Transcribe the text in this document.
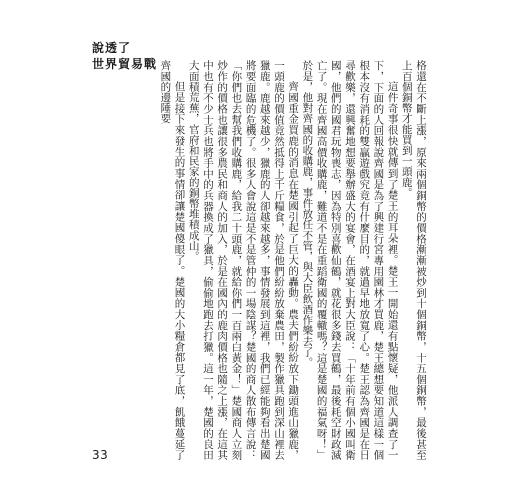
說透了
世界貿易戰	格還在不斷上漲，原來兩個銅幣的價格漸漸被炒到十個銅幣，十五個銅幣，最後甚至上百個銅幣才能買到一頭鹿。

這件奇事很快就傳到了楚王的耳朵裡。楚王一開始還有點懷疑，他派人調查了一下，下面的人回報說齊國是為了興建行宮專用園林才買鹿，楚王總想要知道這樣一個根本沒有消耗的雙贏遊戲究竟有什麼目的，就過早地放寬了心。楚王認為齊國是在日尋歡樂，還興奮地想要舉辦盛大的宴會，在酒宴上對大臣說：「十年前有個小國叫衛國，他們的國君玩物喪志，因為特別喜歡仙鶴，就花很多錢去買鶴，最後耗空財政滅亡了。現在齊國高價收購鹿，難道不是在重蹈衛國的覆轍嗎？這是楚國的福氣呀！」於是，他對齊國的收購鹿，事件放任不管，與大臣飲酒作樂去了。

齊國重金買鹿的消息在楚國引起了巨大的轟動。農夫們紛紛放下鋤頭進山獵鹿，一頭鹿的價值竟然抵得上千斤糧食，於是他們紛紛放棄農田，製作獵具跑到深山裡去獵鹿。鹿越來越少，獵鹿的人卻越來越多，事情發展到這裡，我們已經能夠看出楚國將要面臨的危機了。很多人會說這是不是管仲的一場陰謀？楚國的商人散布傳言說：「你們也去幫我們收購鹿，給我二十頭鹿，就給你們一百兩白黃金！」楚國商人立刻炒作的價格也讓很多農民和商人的加入，於是在國內的鹿肉價格也隨之上漲，在這其中也有不少士兵也將手中的兵器換成了獵具，偷偷地跑去打獵。這一年，楚國的良田大面積荒蕪，官府和民家的銅幣堆積成山。

但是接下來發生的事情卻讓楚國傻眼了。楚國的大小糧倉都見了底，飢餓蔓延了齊國的邊陲要

33
